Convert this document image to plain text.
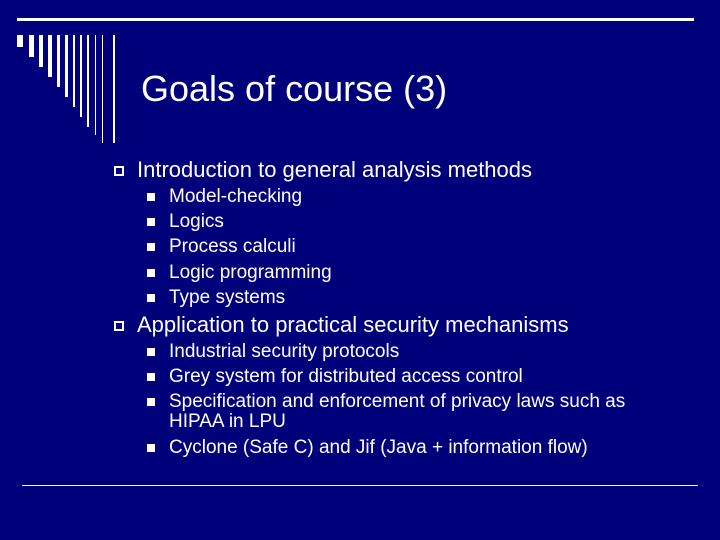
Goals of course (3)
Introduction to general analysis methods
Model-checking
Logics
Process calculi
Logic programming
Type systems
Application to practical security mechanisms
Industrial security protocols
Grey system for distributed access control
Specification and enforcement of privacy laws such as
HIPAA in LPU
Cyclone (Safe C) and Jif (Java + information flow)
